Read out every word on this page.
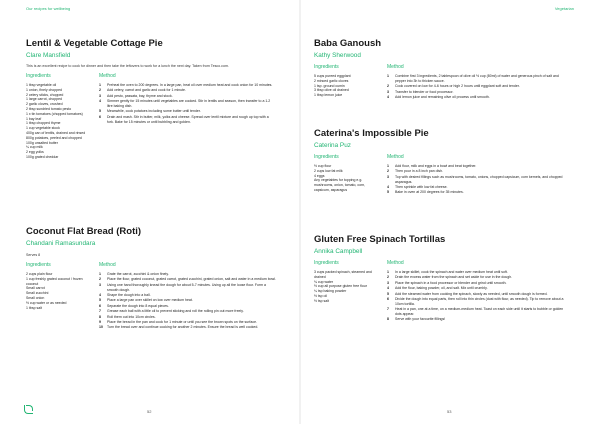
Our recipes for wellbeing
Lentil & Vegetable Cottage Pie
Clare Mansfield
This is an excellent recipe to cook for dinner and then take the leftovers to work for a lunch the next day. Taken from Tesco.com.
Ingredients
1 tbsp vegetable oil
1 onion, finely chopped
2 celery sticks, chopped
1 large carrot, chopped
2 garlic cloves, crushed
2 tbsp sundried tomato pesto
1 x tin tomatoes (chopped tomatoes)
1 bay leaf
1 tbsp chopped thyme
1 cup vegetable stock
400g can of lentils, drained and rinsed
800g potatoes, peeled and chopped
100g unsalted butter
¼ cup milk
2 egg yolks
100g grated cheddar
Method
1	Preheat the oven to 200 degrees. In a large pan, heat oil over medium heat and cook onion for 10 minutes.
2	Add celery, carrot and garlic and cook for 1 minute.
3	Add pesto, passata, bay, thyme and stock.
4	Simmer gently for 15 minutes until vegetables are cooked. Stir in lentils and season, then transfer to a 1.2 litre baking dish.
5	Meanwhile, cook potatoes including some butter until tender.
6	Drain and mash. Stir in butter, milk, yolks and cheese. Spread over lentil mixture and rough up top with a fork. Bake for 15 minutes or until bubbling and golden.
Coconut Flat Bread (Roti)
Chandani Ramasundara
Serves 8
Ingredients
2 cups plain flour
1 cup freshly grated coconut / frozen coconut
Small carrot
Small zucchini
Small onion
½ cup water or as needed
1 tbsp salt
Method
1	Grate the carrot, zucchini & onion finely.
2	Place the flour, grated coconut, grated carrot, grated zucchini, grated onion, salt and water in a medium bowl.
3	Using one hand thoroughly knead the dough for about 5-7 minutes. Using up all the loose flour. Form a smooth dough.
4	Shape the dough into a ball.
5	Place a large pan over skillet on low over medium heat.
6	Separate the dough into 8 equal pieces.
7	Grease each ball with a little oil to prevent sticking and roll the rolling pin out more freely.
8	Roll them out into 10cm circles.
9	Place the bread in the pan and cook for 1 minute or until you see the brown spots on the surface.
10	Turn the bread over and continue cooking for another 2 minutes. Ensure the bread is well cooked.
52
Vegetarian
Baba Ganoush
Kathy Sherwood
Ingredients
5 cups pureed eggplant
2 minced garlic cloves
1 tsp. ground cumin
3 tbsp olive oil drained
1 tbsp lemon juice
Method
1	Combine first 3 ingredients, 2 tablespoon of olive oil ½ cup (80ml) of water and generous pinch of salt and pepper into 3h to thicken sauce.
2	Cook covered on low for 4-6 hours or high 2 hours until eggplant soft and tender.
3	Transfer to blender or food processor.
4	Add lemon juice and remaining olive oil process until smooth.
Caterina's Impossible Pie
Caterina Puz
Ingredients
½ cup flour
2 cups low fat milk
4 eggs
Any vegetables for topping e.g. mushrooms, onion, tomato, corn, capsicum, asparagus
Method
1	Add flour, milk and eggs in a bowl and beat together.
2	Then pour in a 8 inch pan dish.
3	Top with desired fillings such as mushrooms, tomato, onions, chopped capsicum, corn kernels, and chopped asparagus.
4	Then sprinkle with low fat cheese.
5	Bake in oven at 200 degrees for 35 minutes.
Gluten Free Spinach Tortillas
Annika Campbell
Ingredients
3 cups packed spinach, steamed and drained
¾ cup water
½ cup all purpose gluten free flour
¼ tsp baking powder
½ tsp oil
½ tsp salt
Method
1	In a large skillet, cook the spinach and water over medium heat until soft.
2	Drain the excess water from the spinach and set aside for use in the dough.
3	Place the spinach in a food processor or blender and grind until smooth.
4	Add the flour, baking powder, oil, and salt. Mix until crumbly.
5	Add the steamed water from cooking the spinach, slowly as needed, until smooth dough is formed.
6	Divide the dough into equal parts, then roll into thin circles (dust with flour, as needed). Tip to remove about a 10cm tortilla.
7	Heat in a pan, one at a time, on a medium-medium heat. Toast on each side until it starts to bubble or golden dots appear.
8	Serve with your favourite fillings!
53
